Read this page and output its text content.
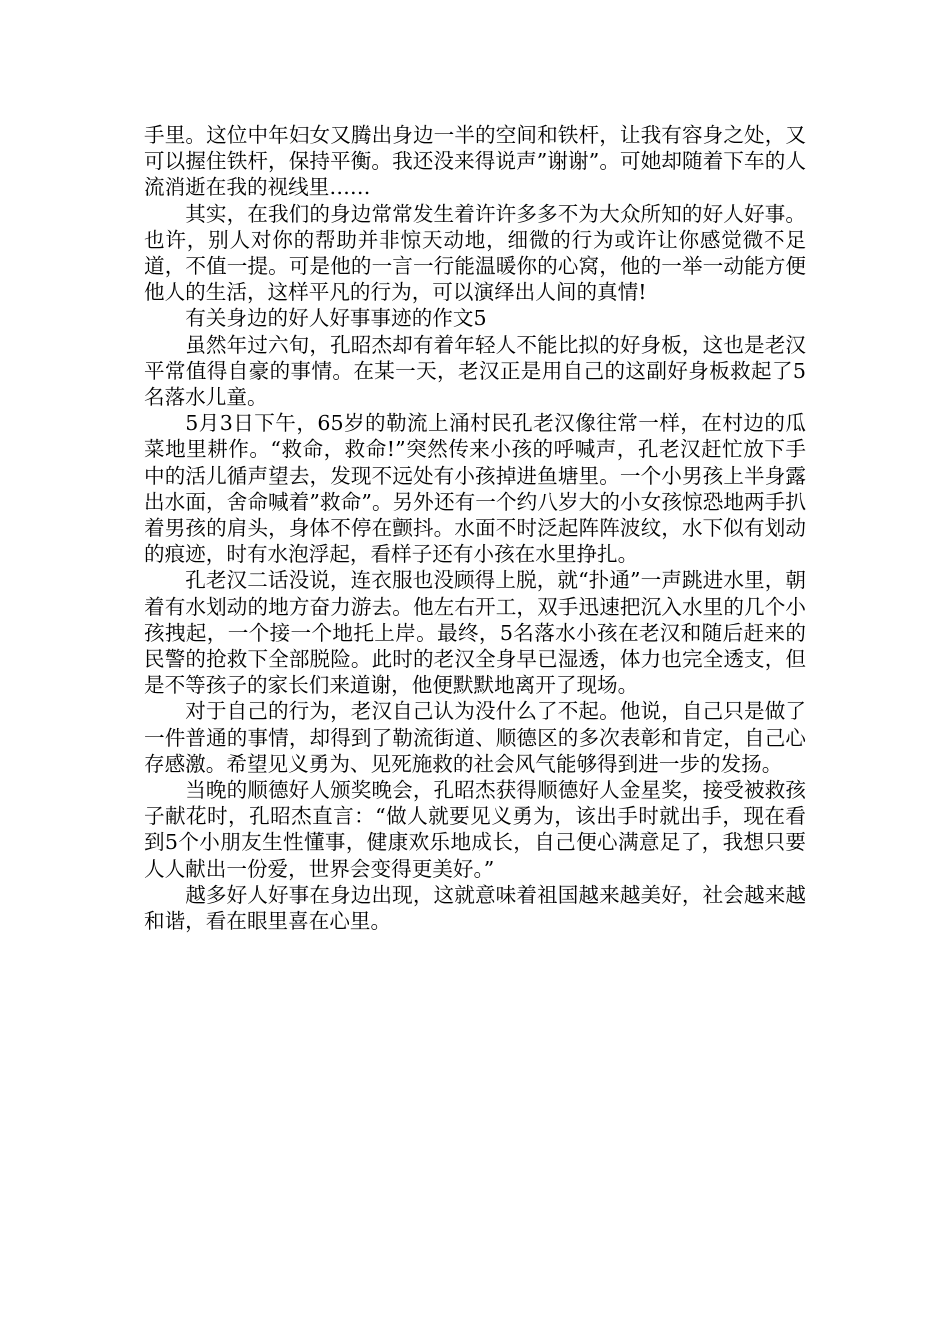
手里。这位中年妇女又腾出身边一半的空间和铁杆，让我有容身之处，又可以握住铁杆，保持平衡。我还没来得说声”谢谢”。可她却随着下车的人流消逝在我的视线里……

其实，在我们的身边常常发生着许许多多不为大众所知的好人好事。也许，别人对你的帮助并非惊天动地，细微的行为或许让你感觉微不足道，不值一提。可是他的一言一行能温暖你的心窝，他的一举一动能方便他人的生活，这样平凡的行为，可以演绎出人间的真情!

有关身边的好人好事事迹的作文5

虽然年过六旬，孔昭杰却有着年轻人不能比拟的好身板，这也是老汉平常值得自豪的事情。在某一天，老汉正是用自己的这副好身板救起了5名落水儿童。

5月3日下午，65岁的勒流上涌村民孔老汉像往常一样，在村边的瓜菜地里耕作。“救命，救命!”突然传来小孩的呼喊声，孔老汉赶忙放下手中的活儿循声望去，发现不远处有小孩掉进鱼塘里。一个小男孩上半身露出水面，舍命喊着”救命”。另外还有一个约八岁大的小女孩惊恐地两手扒着男孩的肩头，身体不停在颤抖。水面不时泛起阵阵波纹，水下似有划动的痕迹，时有水泡浮起，看样子还有小孩在水里挣扎。

孔老汉二话没说，连衣服也没顾得上脱，就“扑通”一声跳进水里，朝着有水划动的地方奋力游去。他左右开工，双手迅速把沉入水里的几个小孩拽起，一个接一个地托上岸。最终，5名落水小孩在老汉和随后赶来的民警的抢救下全部脱险。此时的老汉全身早已湿透，体力也完全透支，但是不等孩子的家长们来道谢，他便默默地离开了现场。

对于自己的行为，老汉自己认为没什么了不起。他说，自己只是做了一件普通的事情，却得到了勒流街道、顺德区的多次表彰和肯定，自己心存感激。希望见义勇为、见死施救的社会风气能够得到进一步的发扬。

当晚的顺德好人颁奖晚会，孔昭杰获得顺德好人金星奖，接受被救孩子献花时，孔昭杰直言：“做人就要见义勇为，该出手时就出手，现在看到5个小朋友生性懂事，健康欢乐地成长，自己便心满意足了，我想只要人人献出一份爱，世界会变得更美好。”

越多好人好事在身边出现，这就意味着祖国越来越美好，社会越来越和谐，看在眼里喜在心里。
